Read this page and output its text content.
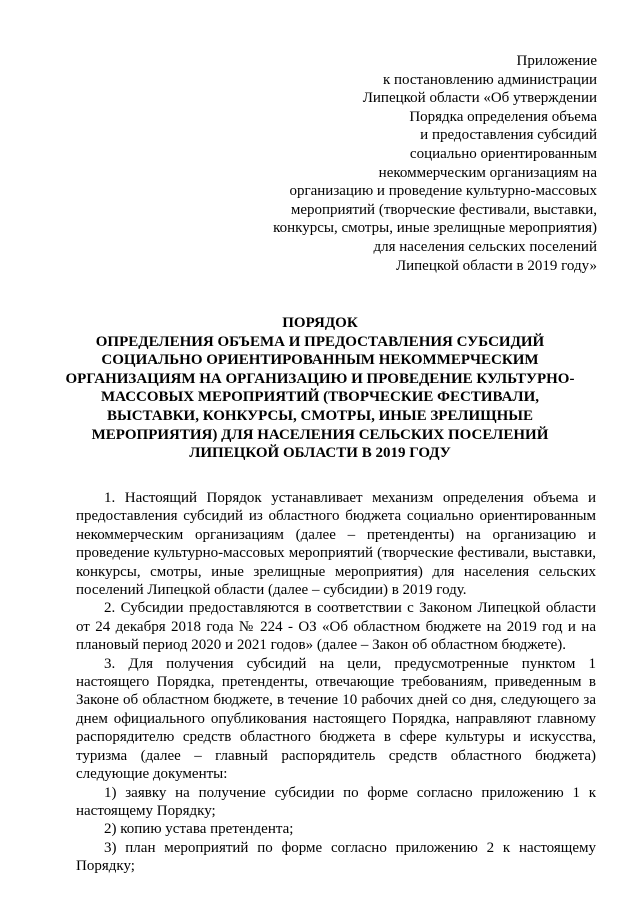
Приложение
к постановлению администрации
Липецкой области «Об утверждении
Порядка определения объема
и предоставления субсидий
социально ориентированным
некоммерческим организациям на
организацию и проведение культурно-массовых
мероприятий (творческие фестивали, выставки,
конкурсы, смотры, иные зрелищные мероприятия)
для населения сельских поселений
Липецкой области в 2019 году»
ПОРЯДОК
ОПРЕДЕЛЕНИЯ ОБЪЕМА И ПРЕДОСТАВЛЕНИЯ СУБСИДИЙ
СОЦИАЛЬНО ОРИЕНТИРОВАННЫМ НЕКОММЕРЧЕСКИМ
ОРГАНИЗАЦИЯМ НА ОРГАНИЗАЦИЮ И ПРОВЕДЕНИЕ КУЛЬТУРНО-
МАССОВЫХ МЕРОПРИЯТИЙ (ТВОРЧЕСКИЕ ФЕСТИВАЛИ,
ВЫСТАВКИ, КОНКУРСЫ, СМОТРЫ, ИНЫЕ ЗРЕЛИЩНЫЕ
МЕРОПРИЯТИЯ) ДЛЯ НАСЕЛЕНИЯ СЕЛЬСКИХ ПОСЕЛЕНИЙ
ЛИПЕЦКОЙ ОБЛАСТИ В 2019 ГОДУ

1. Настоящий Порядок устанавливает механизм определения объема и предоставления субсидий из областного бюджета социально ориентированным некоммерческим организациям (далее – претенденты) на организацию и проведение культурно-массовых мероприятий (творческие фестивали, выставки, конкурсы, смотры, иные зрелищные мероприятия) для населения сельских поселений Липецкой области (далее – субсидии) в 2019 году.

2. Субсидии предоставляются в соответствии с Законом Липецкой области от 24 декабря 2018 года № 224 - ОЗ «Об областном бюджете на 2019 год и на плановый период 2020 и 2021 годов» (далее – Закон об областном бюджете).

3. Для получения субсидий на цели, предусмотренные пунктом 1 настоящего Порядка, претенденты, отвечающие требованиям, приведенным в Законе об областном бюджете, в течение 10 рабочих дней со дня, следующего за днем официального опубликования настоящего Порядка, направляют главному распорядителю средств областного бюджета в сфере культуры и искусства, туризма (далее – главный распорядитель средств областного бюджета) следующие документы:

1) заявку на получение субсидии по форме согласно приложению 1 к настоящему Порядку;

2) копию устава претендента;

3) план мероприятий по форме согласно приложению 2 к настоящему Порядку;
